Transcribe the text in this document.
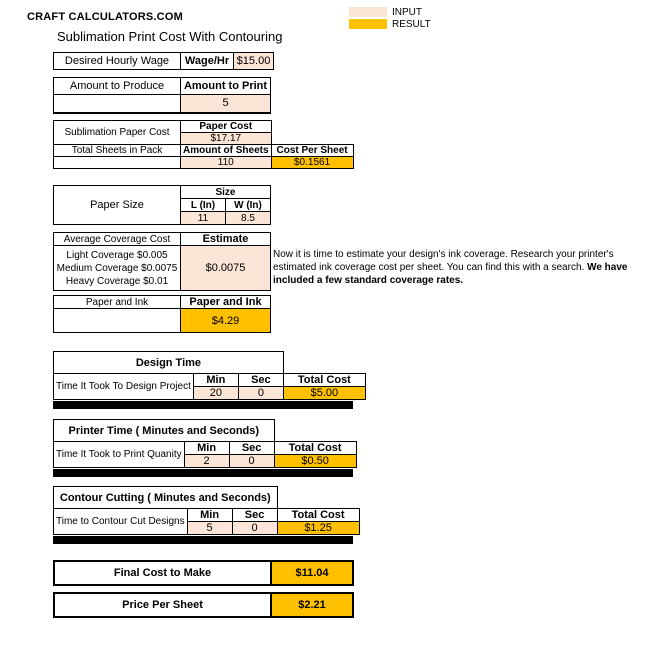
CRAFT CALCULATORS.COM
Sublimation Print Cost With Contouring
INPUT
RESULT
Desired Hourly Wage	Wage/Hr	$15.00
Amount to Produce	Amount to Print
	5
Sublimation Paper Cost	Paper Cost	
	$17.17	
Total Sheets in Pack	Amount of Sheets	Cost Per Sheet
	110	$0.1561
Paper Size	Size	
	L (In)	W (In)
	11	8.5
Average Coverage Cost	Estimate

Light Coverage $0.005
Medium Coverage $0.0075
Heavy Coverage $0.01	$0.0075
Now it is time to estimate your design's ink coverage. Research your printer's estimated ink coverage cost per sheet. You can find this with a search. We have included a few standard coverage rates.
Paper and Ink	Paper and Ink
	$4.29
Design Time			
Time It Took To Design Project	Min	Sec	Total Cost
	20	0	$5.00
Printer Time ( Minutes and Seconds)			
Time It Took to Print Quanity	Min	Sec	Total Cost
	2	0	$0.50
Contour Cutting ( Minutes and Seconds)			
Time to Contour Cut Designs	Min	Sec	Total Cost
	5	0	$1.25
Final Cost to Make	$11.04
Price Per Sheet	$2.21
